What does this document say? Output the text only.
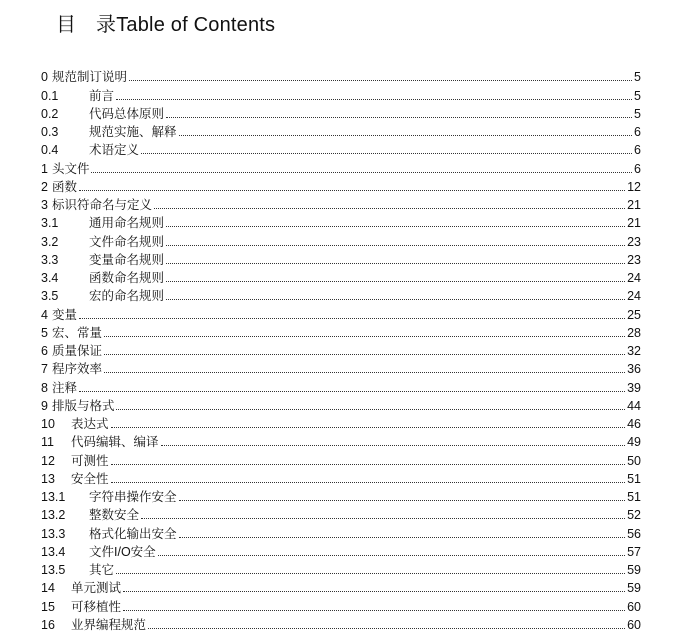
目 录Table of Contents
0 规范制订说明	5
0.1	前言	5
0.2	代码总体原则	5
0.3	规范实施、解释	6
0.4	术语定义	6
1 头文件	6
2 函数	12
3 标识符命名与定义	21
3.1	通用命名规则	21
3.2	文件命名规则	23
3.3	变量命名规则	23
3.4	函数命名规则	24
3.5	宏的命名规则	24
4 变量	25
5 宏、常量	28
6 质量保证	32
7 程序效率	36
8 注释	39
9 排版与格式	44
10	表达式	46
11	代码编辑、编译	49
12	可测性	50
13	安全性	51
13.1	字符串操作安全	51
13.2	整数安全	52
13.3	格式化输出安全	56
13.4	文件I/O安全	57
13.5	其它	59
14	单元测试	59
15	可移植性	60
16	业界编程规范	60
